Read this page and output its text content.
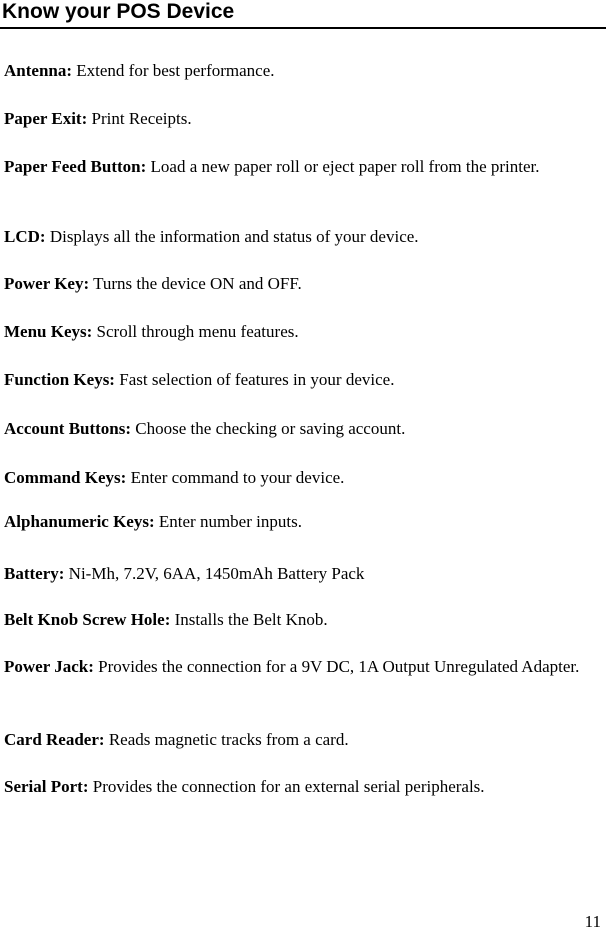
Know your POS Device
Antenna: Extend for best performance.
Paper Exit: Print Receipts.
Paper Feed Button: Load a new paper roll or eject paper roll from the printer.
LCD: Displays all the information and status of your device.
Power Key: Turns the device ON and OFF.
Menu Keys: Scroll through menu features.
Function Keys: Fast selection of features in your device.
Account Buttons: Choose the checking or saving account.
Command Keys: Enter command to your device.
Alphanumeric Keys: Enter number inputs.
Battery: Ni-Mh, 7.2V, 6AA, 1450mAh Battery Pack
Belt Knob Screw Hole: Installs the Belt Knob.
Power Jack: Provides the connection for a 9V DC, 1A Output Unregulated Adapter.
Card Reader: Reads magnetic tracks from a card.
Serial Port: Provides the connection for an external serial peripherals.
11
